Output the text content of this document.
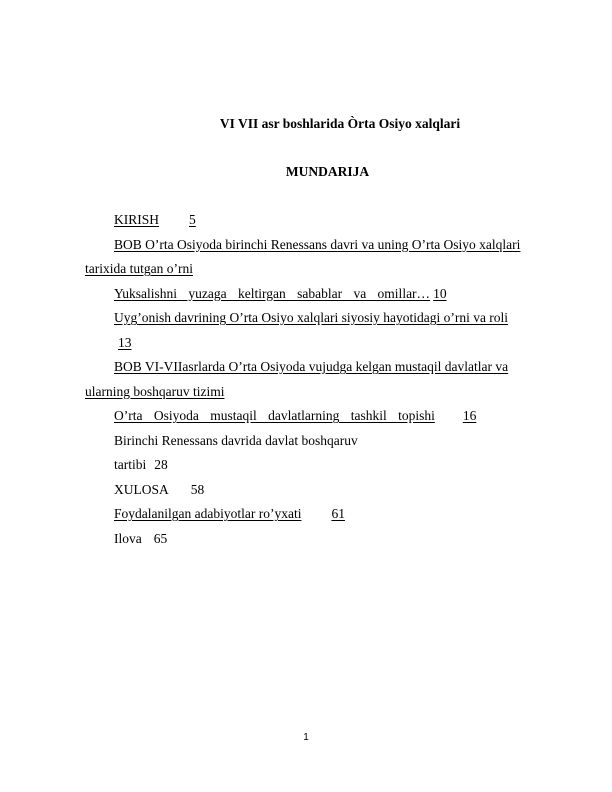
VI VII asr boshlarida Òrta Osiyo xalqlari
MUNDARIJA
KIRISH 5
BOB O’rta Osiyoda birinchi Renessans davri va uning O’rta Osiyo xalqlari
tarixida tutgan o’rni
Yuksalishni yuzaga keltirgan sabablar va omillar… 10
Uyg’onish davrining O’rta Osiyo xalqlari siyosiy hayotidagi o’rni va roli
13
BOB VI-VIIasrlarda O’rta Osiyoda vujudga kelgan mustaqil davlatlar va
ularning boshqaruv tizimi
O’rta Osiyoda mustaqil davlatlarning tashkil topishi 16
Birinchi Renessans davrida davlat boshqaruv
tartibi 28
XULOSA 58
Foydalanilgan adabiyotlar ro’yxati 61
Ilova 65
1
